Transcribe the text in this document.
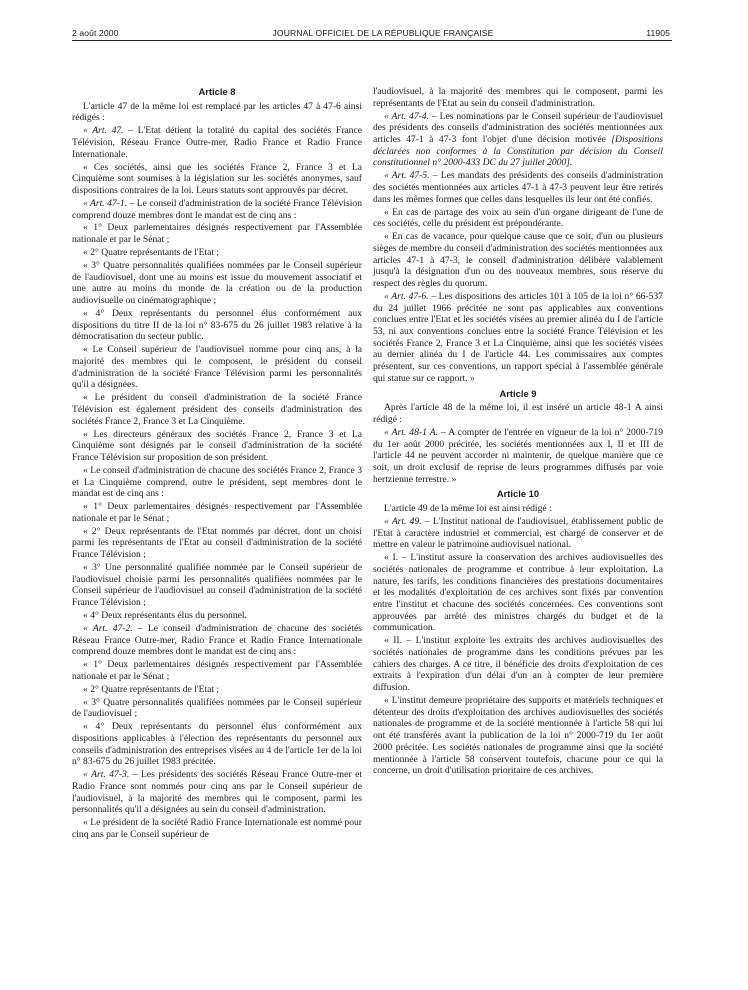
2 août 2000	JOURNAL OFFICIEL DE LA RÉPUBLIQUE FRANÇAISE	11905
Article 8

L'article 47 de la même loi est remplacé par les articles 47 à 47-6 ainsi rédigés :

« Art. 47. – L'Etat détient la totalité du capital des sociétés France Télévision, Réseau France Outre-mer, Radio France et Radio France Internationale.

« Ces sociétés, ainsi que les sociétés France 2, France 3 et La Cinquième sont soumises à la législation sur les sociétés anonymes, sauf dispositions contraires de la loi. Leurs statuts sont approuvés par décret.

« Art. 47-1. – Le conseil d'administration de la société France Télévision comprend douze membres dont le mandat est de cinq ans :

« 1° Deux parlementaires désignés respectivement par l'Assemblée nationale et par le Sénat ;

« 2° Quatre représentants de l'Etat ;

« 3° Quatre personnalités qualifiées nommées par le Conseil supérieur de l'audiovisuel, dont une au moins est issue du mouvement associatif et une autre au moins du monde de la création ou de la production audiovisuelle ou cinématographique ;

« 4° Deux représentants du personnel élus conformément aux dispositions du titre II de la loi n° 83-675 du 26 juillet 1983 relative à la démocratisation du secteur public.

« Le Conseil supérieur de l'audiovisuel nomme pour cinq ans, à la majorité des membres qui le composent, le président du conseil d'administration de la société France Télévision parmi les personnalités qu'il a désignées.

« Le président du conseil d'administration de la société France Télévision est également président des conseils d'administration des sociétés France 2, France 3 et La Cinquième.

« Les directeurs généraux des sociétés France 2, France 3 et La Cinquième sont désignés par le conseil d'administration de la société France Télévision sur proposition de son président.

« Le conseil d'administration de chacune des sociétés France 2, France 3 et La Cinquième comprend, outre le président, sept membres dont le mandat est de cinq ans :

« 1° Deux parlementaires désignés respectivement par l'Assemblée nationale et par le Sénat ;

« 2° Deux représentants de l'Etat nommés par décret, dont un choisi parmi les représentants de l'Etat au conseil d'administration de la société France Télévision ;

« 3° Une personnalité qualifiée nommée par le Conseil supérieur de l'audiovisuel choisie parmi les personnalités qualifiées nommées par le Conseil supérieur de l'audiovisuel au conseil d'administration de la société France Télévision ;

« 4° Deux représentants élus du personnel.

« Art. 47-2. – Le conseil d'administration de chacune des sociétés Réseau France Outre-mer, Radio France et Radio France Internationale comprend douze membres dont le mandat est de cinq ans :

« 1° Deux parlementaires désignés respectivement par l'Assemblée nationale et par le Sénat ;

« 2° Quatre représentants de l'Etat ;

« 3° Quatre personnalités qualifiées nommées par le Conseil supérieur de l'audiovisuel ;

« 4° Deux représentants du personnel élus conformément aux dispositions applicables à l'élection des représentants du personnel aux conseils d'administration des entreprises visées au 4 de l'article 1er de la loi n° 83-675 du 26 juillet 1983 précitée.

« Art. 47-3. – Les présidents des sociétés Réseau France Outre-mer et Radio France sont nommés pour cinq ans par le Conseil supérieur de l'audiovisuel, à la majorité des membres qui le composent, parmi les personnalités qu'il a désignées au sein du conseil d'administration.

« Le président de la société Radio France Internationale est nommé pour cinq ans par le Conseil supérieur de

l'audiovisuel, à la majorité des membres qui le composent, parmi les représentants de l'Etat au sein du conseil d'administration.

« Art. 47-4. – Les nominations par le Conseil supérieur de l'audiovisuel des présidents des conseils d'administration des sociétés mentionnées aux articles 47-1 à 47-3 font l'objet d'une décision motivée [Dispositions déclarées non conformes à la Constitution par décision du Conseil constitutionnel n° 2000-433 DC du 27 juillet 2000].

« Art. 47-5. – Les mandats des présidents des conseils d'administration des sociétés mentionnées aux articles 47-1 à 47-3 peuvent leur être retirés dans les mêmes formes que celles dans lesquelles ils leur ont été confiés.

« En cas de partage des voix au sein d'un organe dirigeant de l'une de ces sociétés, celle du président est prépondérante.

« En cas de vacance, pour quelque cause que ce soit, d'un ou plusieurs sièges de membre du conseil d'administration des sociétés mentionnées aux articles 47-1 à 47-3, le conseil d'administration délibère valablement jusqu'à la désignation d'un ou des nouveaux membres, sous réserve du respect des règles du quorum.

« Art. 47-6. – Les dispositions des articles 101 à 105 de la loi n° 66-537 du 24 juillet 1966 précitée ne sont pas applicables aux conventions conclues entre l'Etat et les sociétés visées au premier alinéa du I de l'article 53, ni aux conventions conclues entre la société France Télévision et les sociétés France 2, France 3 et La Cinquième, ainsi que les sociétés visées au dernier alinéa du I de l'article 44. Les commissaires aux comptes présentent, sur ces conventions, un rapport spécial à l'assemblée générale qui statue sur ce rapport. »

Article 9

Après l'article 48 de la même loi, il est inséré un article 48-1 A ainsi rédigé :

« Art. 48-1 A. – A compter de l'entrée en vigueur de la loi n° 2000-719 du 1er août 2000 précitée, les sociétés mentionnées aux I, II et III de l'article 44 ne peuvent accorder ni maintenir, de quelque manière que ce soit, un droit exclusif de reprise de leurs programmes diffusés par voie hertzienne terrestre. »

Article 10

L'article 49 de la même loi est ainsi rédigé :

« Art. 49. – L'Institut national de l'audiovisuel, établissement public de l'Etat à caractère industriel et commercial, est chargé de conserver et de mettre en valeur le patrimoine audiovisuel national.

« I. – L'institut assure la conservation des archives audiovisuelles des sociétés nationales de programme et contribue à leur exploitation. La nature, les tarifs, les conditions financières des prestations documentaires et les modalités d'exploitation de ces archives sont fixés par convention entre l'institut et chacune des sociétés concernées. Ces conventions sont approuvées par arrêté des ministres chargés du budget et de la communication.

« II. – L'institut exploite les extraits des archives audiovisuelles des sociétés nationales de programme dans les conditions prévues par les cahiers des charges. A ce titre, il bénéficie des droits d'exploitation de ces extraits à l'expiration d'un délai d'un an à compter de leur première diffusion.

« L'institut demeure propriétaire des supports et matériels techniques et détenteur des droits d'exploitation des archives audiovisuelles des sociétés nationales de programme et de la société mentionnée à l'article 58 qui lui ont été transférés avant la publication de la loi n° 2000-719 du 1er août 2000 précitée. Les sociétés nationales de programme ainsi que la société mentionnée à l'article 58 conservent toutefois, chacune pour ce qui la concerne, un droit d'utilisation prioritaire de ces archives.
